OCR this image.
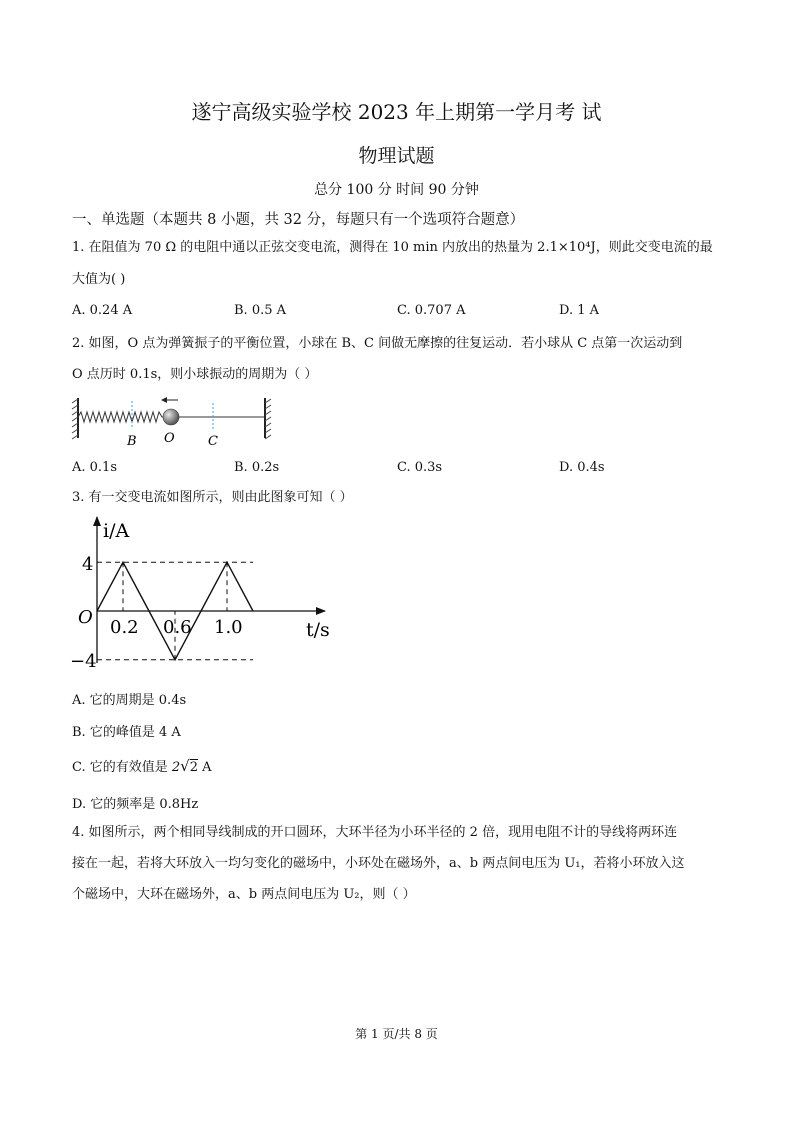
遂宁高级实验学校 2023 年上期第一学月考 试
物理试题
总分 100 分 时间 90 分钟
一、单选题（本题共 8 小题，共 32 分，每题只有一个选项符合题意）
1. 在阻值为 70 Ω 的电阻中通以正弦交变电流，测得在 10 min 内放出的热量为 2.1×10⁴J，则此交变电流的最
大值为( )
A. 0.24 A	B. 0.5 A	C. 0.707 A	D. 1 A
2. 如图，O 点为弹簧振子的平衡位置，小球在 B、C 间做无摩擦的往复运动．若小球从 C 点第一次运动到
O 点历时 0.1s，则小球振动的周期为（ ）
B O	C
A. 0.1s	B. 0.2s	C. 0.3s	D. 0.4s
3. 有一交变电流如图所示，则由此图象可知（ ）
i/A
t/s
O
4
−4
0.2 0.6 1.0
A. 它的周期是 0.4s
B. 它的峰值是 4 A
C. 它的有效值是 2√2 A
D. 它的频率是 0.8Hz
4. 如图所示，两个相同导线制成的开口圆环，大环半径为小环半径的 2 倍，现用电阻不计的导线将两环连
接在一起，若将大环放入一均匀变化的磁场中，小环处在磁场外，a、b 两点间电压为 U₁，若将小环放入这
个磁场中，大环在磁场外，a、b 两点间电压为 U₂，则（ ）
第 1 页/共 8 页
